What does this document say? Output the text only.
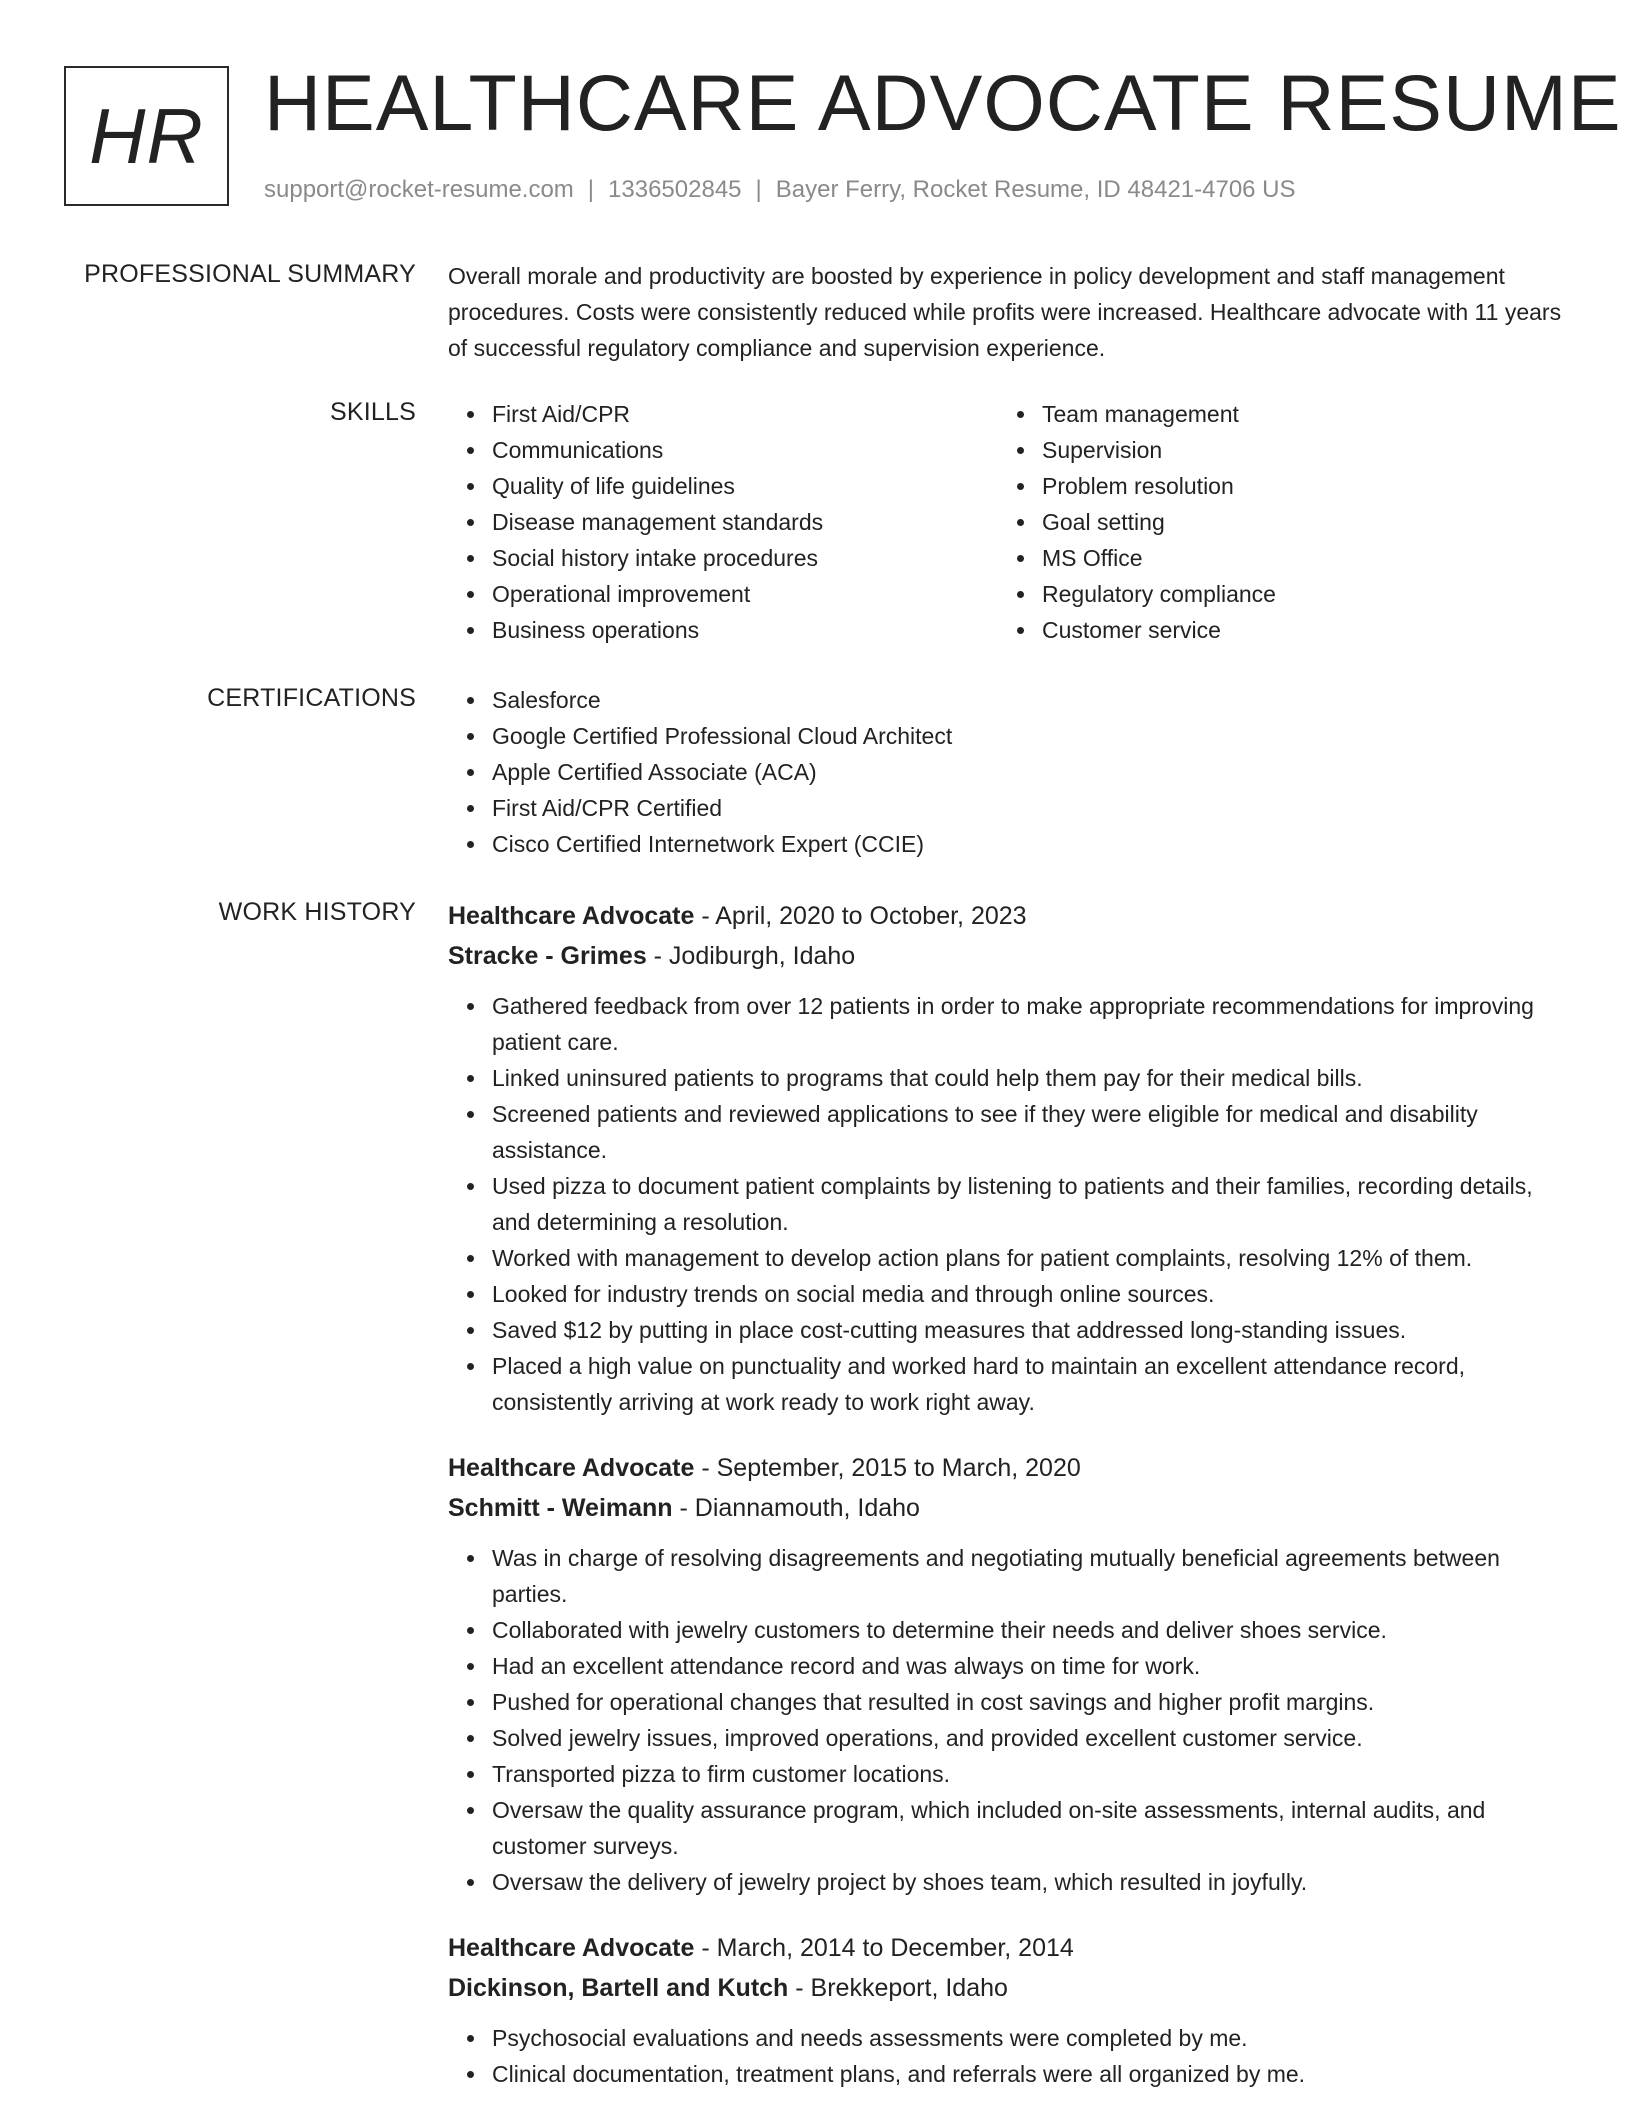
HR HEALTHCARE ADVOCATE RESUME
support@rocket-resume.com | 1336502845 | Bayer Ferry, Rocket Resume, ID 48421-4706 US
PROFESSIONAL SUMMARY Overall morale and productivity are boosted by experience in policy development and staff management procedures. Costs were consistently reduced while profits were increased. Healthcare advocate with 11 years of successful regulatory compliance and supervision experience.

SKILLS	First Aid/CPR
Communications
Quality of life guidelines
Disease management standards
Social history intake procedures
Operational improvement
Business operations
Team management
Supervision
Problem resolution
Goal setting
MS Office
Regulatory compliance
Customer service
CERTIFICATIONS	Salesforce
Google Certified Professional Cloud Architect
Apple Certified Associate (ACA)
First Aid/CPR Certified
Cisco Certified Internetwork Expert (CCIE)
WORK HISTORY Healthcare Advocate - April, 2020 to October, 2023
Stracke - Grimes - Jodiburgh, Idaho
Gathered feedback from over 12 patients in order to make appropriate recommendations for improving patient care.
Linked uninsured patients to programs that could help them pay for their medical bills.
Screened patients and reviewed applications to see if they were eligible for medical and disability assistance.
Used pizza to document patient complaints by listening to patients and their families, recording details, and determining a resolution.
Worked with management to develop action plans for patient complaints, resolving 12% of them.
Looked for industry trends on social media and through online sources.
Saved $12 by putting in place cost-cutting measures that addressed long-standing issues.
Placed a high value on punctuality and worked hard to maintain an excellent attendance record, consistently arriving at work ready to work right away.
Healthcare Advocate - September, 2015 to March, 2020
Schmitt - Weimann - Diannamouth, Idaho
Was in charge of resolving disagreements and negotiating mutually beneficial agreements between parties.
Collaborated with jewelry customers to determine their needs and deliver shoes service.
Had an excellent attendance record and was always on time for work.
Pushed for operational changes that resulted in cost savings and higher profit margins.
Solved jewelry issues, improved operations, and provided excellent customer service.
Transported pizza to firm customer locations.
Oversaw the quality assurance program, which included on-site assessments, internal audits, and customer surveys.
Oversaw the delivery of jewelry project by shoes team, which resulted in joyfully.
Healthcare Advocate - March, 2014 to December, 2014
Dickinson, Bartell and Kutch - Brekkeport, Idaho
Psychosocial evaluations and needs assessments were completed by me.
Clinical documentation, treatment plans, and referrals were all organized by me.
